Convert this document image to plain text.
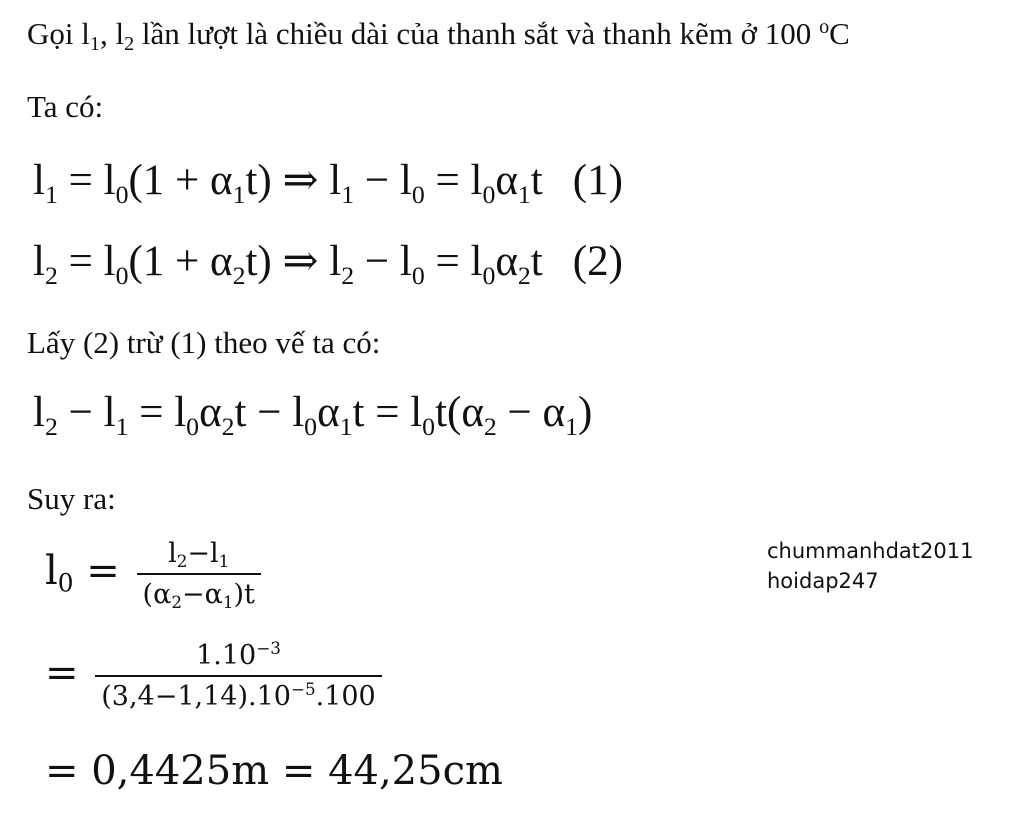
Gọi $l_1$, $l_2$ lần lượt là chiều dài của thanh sắt và thanh kẽm ở 100 $^o$C
Ta có:
$l_1 = l_0(1 + \alpha_1t)$ ⇒ $l_1 - l_0 = l_0\alpha_1t$ (1)
$l_2 = l_0(1 + \alpha_2t)$ ⇒ $l_2 - l_0 = l_0\alpha_2t$ (2)
Lấy (2) trừ (1) theo vế ta có:
$l_2 - l_1 = l_0\alpha_2t - l_0\alpha_1t = l_0t(\alpha_2 - \alpha_1)$
Suy ra:
$l_0 = \frac{l_2-l_1}{(\alpha_2-\alpha_1)t}$
= $\frac{1.10^{-3}}{(3,4-1,14).10^{-5}.100}$
= 0,4425m = 44,25cm
chummanhdat2011
hoidap247
